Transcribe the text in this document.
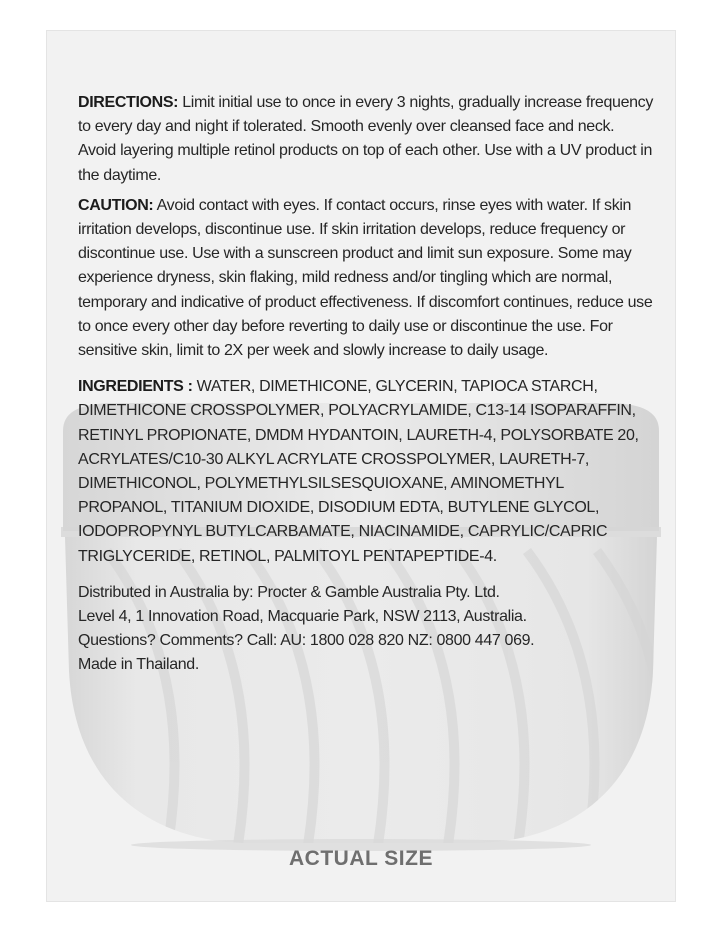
DIRECTIONS: Limit initial use to once in every 3 nights, gradually increase frequency to every day and night if tolerated. Smooth evenly over cleansed face and neck. Avoid layering multiple retinol products on top of each other. Use with a UV product in the daytime.

CAUTION: Avoid contact with eyes. If contact occurs, rinse eyes with water. If skin irritation develops, discontinue use. If skin irritation develops, reduce frequency or discontinue use. Use with a sunscreen product and limit sun exposure. Some may experience dryness, skin flaking, mild redness and/or tingling which are normal, temporary and indicative of product effectiveness. If discomfort continues, reduce use to once every other day before reverting to daily use or discontinue the use. For sensitive skin, limit to 2X per week and slowly increase to daily usage.

INGREDIENTS : WATER, DIMETHICONE, GLYCERIN, TAPIOCA STARCH, DIMETHICONE CROSSPOLYMER, POLYACRYLAMIDE, C13-14 ISOPARAFFIN, RETINYL PROPIONATE, DMDM HYDANTOIN, LAURETH-4, POLYSORBATE 20, ACRYLATES/C10-30 ALKYL ACRYLATE CROSSPOLYMER, LAURETH-7, DIMETHICONOL, POLYMETHYLSILSESQUIOXANE, AMINOMETHYL PROPANOL, TITANIUM DIOXIDE, DISODIUM EDTA, BUTYLENE GLYCOL, IODOPROPYNYL BUTYLCARBAMATE, NIACINAMIDE, CAPRYLIC/CAPRIC TRIGLYCERIDE, RETINOL, PALMITOYL PENTAPEPTIDE-4.

Distributed in Australia by: Procter & Gamble Australia Pty. Ltd.
Level 4, 1 Innovation Road, Macquarie Park, NSW 2113, Australia.
Questions? Comments? Call: AU: 1800 028 820 NZ: 0800 447 069.
Made in Thailand.

ACTUAL SIZE
